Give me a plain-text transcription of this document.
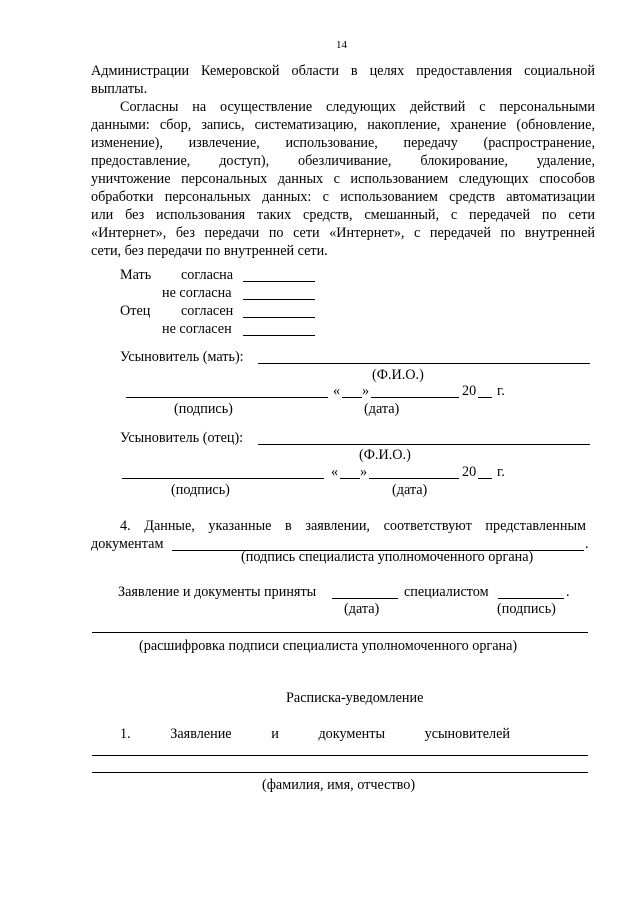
14
Администрации Кемеровской области в целях предоставления социальной
выплаты.
Согласны на осуществление следующих действий с персональными
данными: сбор, запись, систематизацию, накопление, хранение (обновление,
изменение), извлечение, использование, передачу (распространение,
предоставление, доступ), обезличивание, блокирование, удаление,
уничтожение персональных данных с использованием следующих способов
обработки персональных данных: с использованием средств автоматизации
или без использования таких средств, смешанный, с передачей по сети
«Интернет», без передачи по сети «Интернет», с передачей по внутренней
сети, без передачи по внутренней сети.
Мать согласна
не согласна
Отец согласен
не согласен
Усыновитель (мать):
(Ф.И.О.)
« »	20 г.
(подпись)	(дата)
Усыновитель (отец):
(Ф.И.О.)
« »	20 г.
(подпись)	(дата)
4. Данные, указанные в заявлении, соответствуют представленным
документам	.
(подпись специалиста уполномоченного органа)
Заявление и документы приняты	специалистом	.
(дата)	(подпись)
(расшифровка подписи специалиста уполномоченного органа)
Расписка-уведомление
1.	Заявление	и	документы	усыновителей
(фамилия, имя, отчество)
